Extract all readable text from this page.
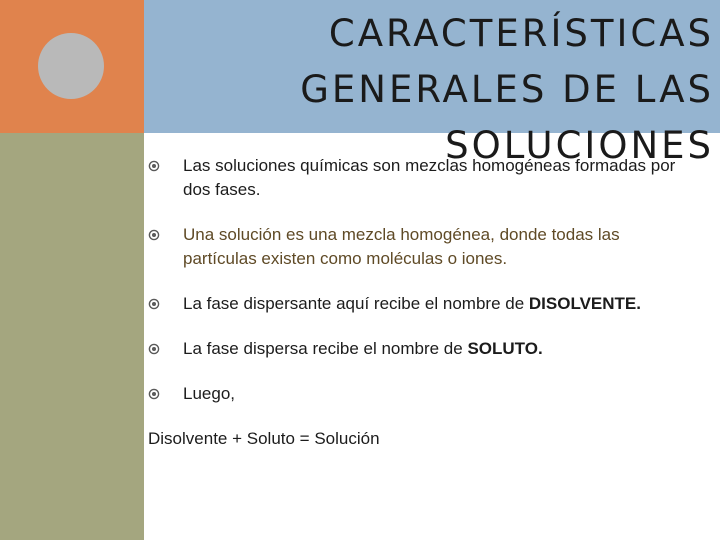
CARACTERÍSTICAS GENERALES DE LAS SOLUCIONES
Las soluciones químicas son mezclas homogéneas formadas por dos fases.
Una solución es una mezcla homogénea, donde todas las partículas existen como moléculas o iones.
La fase dispersante aquí recibe el nombre de DISOLVENTE.
La fase dispersa recibe el nombre de SOLUTO.
Luego,
Disolvente + Soluto = Solución
